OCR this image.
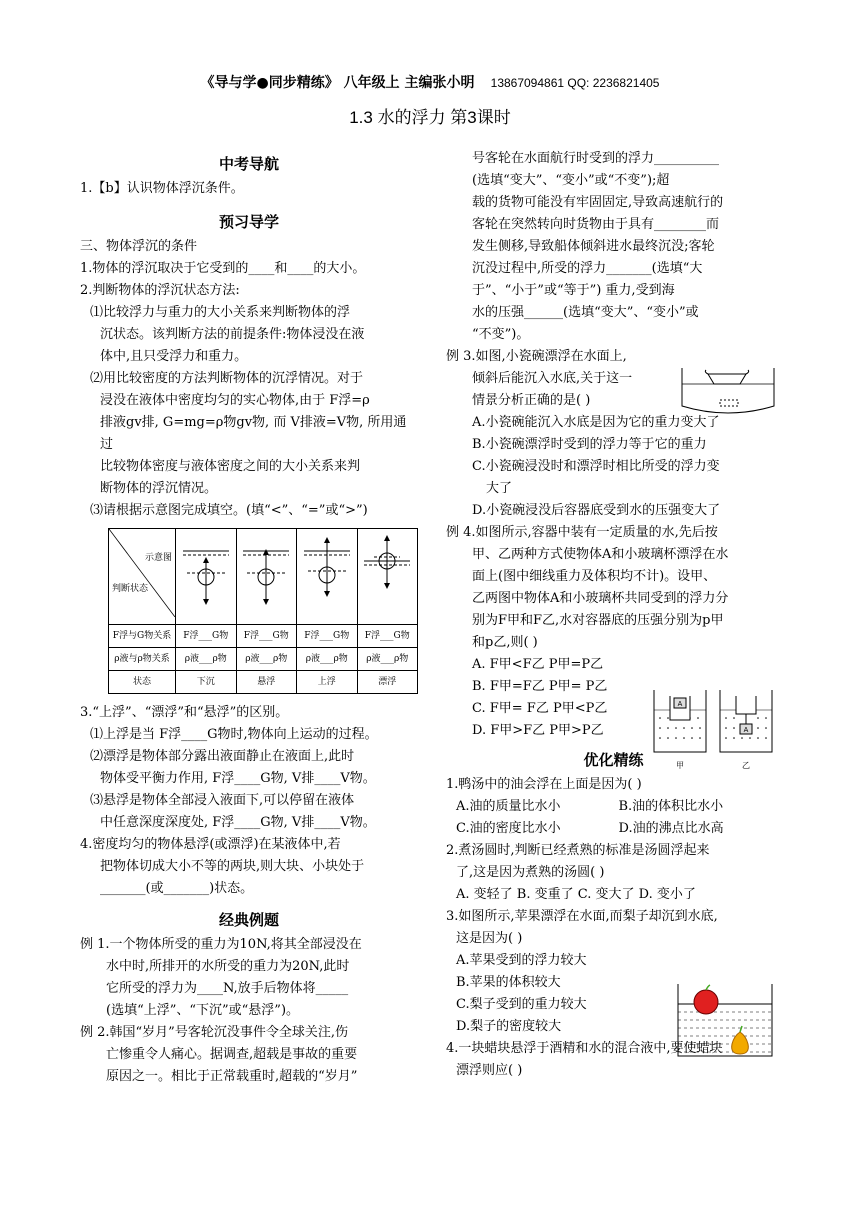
《导与学●同步精练》 八年级上 主编张小明 13867094861 QQ: 2236821405
1.3 水的浮力 第3课时
中考导航

1.【b】认识物体浮沉条件。

预习导学

三、物体浮沉的条件

1.物体的浮沉取决于它受到的____和____的大小。

2.判断物体的浮沉状态方法:

⑴比较浮力与重力的大小关系来判断物体的浮

沉状态。该判断方法的前提条件:物体浸没在液

体中,且只受浮力和重力。

⑵用比较密度的方法判断物体的沉浮情况。对于

浸没在液体中密度均匀的实心物体,由于 F浮=ρ

排液gv排, G=mg=ρ物gv物, 而 V排液=V物, 所用通过

比较物体密度与液体密度之间的大小关系来判

断物体的浮沉情况。

⑶请根据示意图完成填空。(填“<”、“=”或“>”)

示意图
判断状态

F浮与G物关系	F浮___G物	F浮___G物	F浮___G物	F浮___G物
ρ液与ρ物关系	ρ液___ρ物	ρ液___ρ物	ρ液___ρ物	ρ液___ρ物
状态	下沉	悬浮	上浮	漂浮

3.“上浮”、“漂浮”和“悬浮”的区别。

⑴上浮是当 F浮____G物时,物体向上运动的过程。

⑵漂浮是物体部分露出液面静止在液面上,此时

物体受平衡力作用, F浮____G物, V排____V物。

⑶悬浮是物体全部浸入液面下,可以停留在液体

中任意深度深度处, F浮____G物, V排____V物。

4.密度均匀的物体悬浮(或漂浮)在某液体中,若

把物体切成大小不等的两块,则大块、小块处于

_______(或_______)状态。

经典例题

例 1.一个物体所受的重力为10N,将其全部浸没在

水中时,所排开的水所受的重力为20N,此时

它所受的浮力为____N,放手后物体将_____

(选填“上浮”、“下沉”或“悬浮”)。

例 2.韩国“岁月”号客轮沉没事件令全球关注,伤

亡惨重令人痛心。据调查,超载是事故的重要

原因之一。相比于正常载重时,超载的“岁月”

号客轮在水面航行时受到的浮力__________

(选填“变大”、“变小”或“不变”);超

载的货物可能没有牢固固定,导致高速航行的

客轮在突然转向时货物由于具有________而

发生侧移,导致船体倾斜进水最终沉没;客轮

沉没过程中,所受的浮力_______(选填“大

于”、“小于”或“等于”) 重力,受到海

水的压强______(选填“变大”、“变小”或

“不变”)。

例 3.如图,小瓷碗漂浮在水面上,

倾斜后能沉入水底,关于这一

情景分析正确的是( )

A.小瓷碗能沉入水底是因为它的重力变大了

B.小瓷碗漂浮时受到的浮力等于它的重力

C.小瓷碗浸没时和漂浮时相比所受的浮力变

大了

D.小瓷碗浸没后容器底受到水的压强变大了

例 4.如图所示,容器中装有一定质量的水,先后按

甲、乙两种方式使物体A和小玻璃杯漂浮在水

面上(图中细线重力及体积均不计)。设甲、

乙两图中物体A和小玻璃杯共同受到的浮力分

别为F甲和F乙,水对容器底的压强分别为p甲

和p乙,则( )

A. F甲<F乙 P甲=P乙

B. F甲=F乙 P甲= P乙

C. F甲= F乙 P甲<P乙

D. F甲>F乙 P甲>P乙

优化精练

1.鸭汤中的油会浮在上面是因为( )

A.油的质量比水小	B.油的体积比水小
C.油的密度比水小	D.油的沸点比水高

2.煮汤圆时,判断已经煮熟的标准是汤圆浮起来

了,这是因为煮熟的汤圆( )

A. 变轻了 B. 变重了 C. 变大了 D. 变小了

3.如图所示,苹果漂浮在水面,而梨子却沉到水底,

这是因为( )

A.苹果受到的浮力较大

B.苹果的体积较大

C.梨子受到的重力较大

D.梨子的密度较大

4.一块蜡块悬浮于酒精和水的混合液中,要使蜡块

漂浮则应( )

A
甲
A
乙
